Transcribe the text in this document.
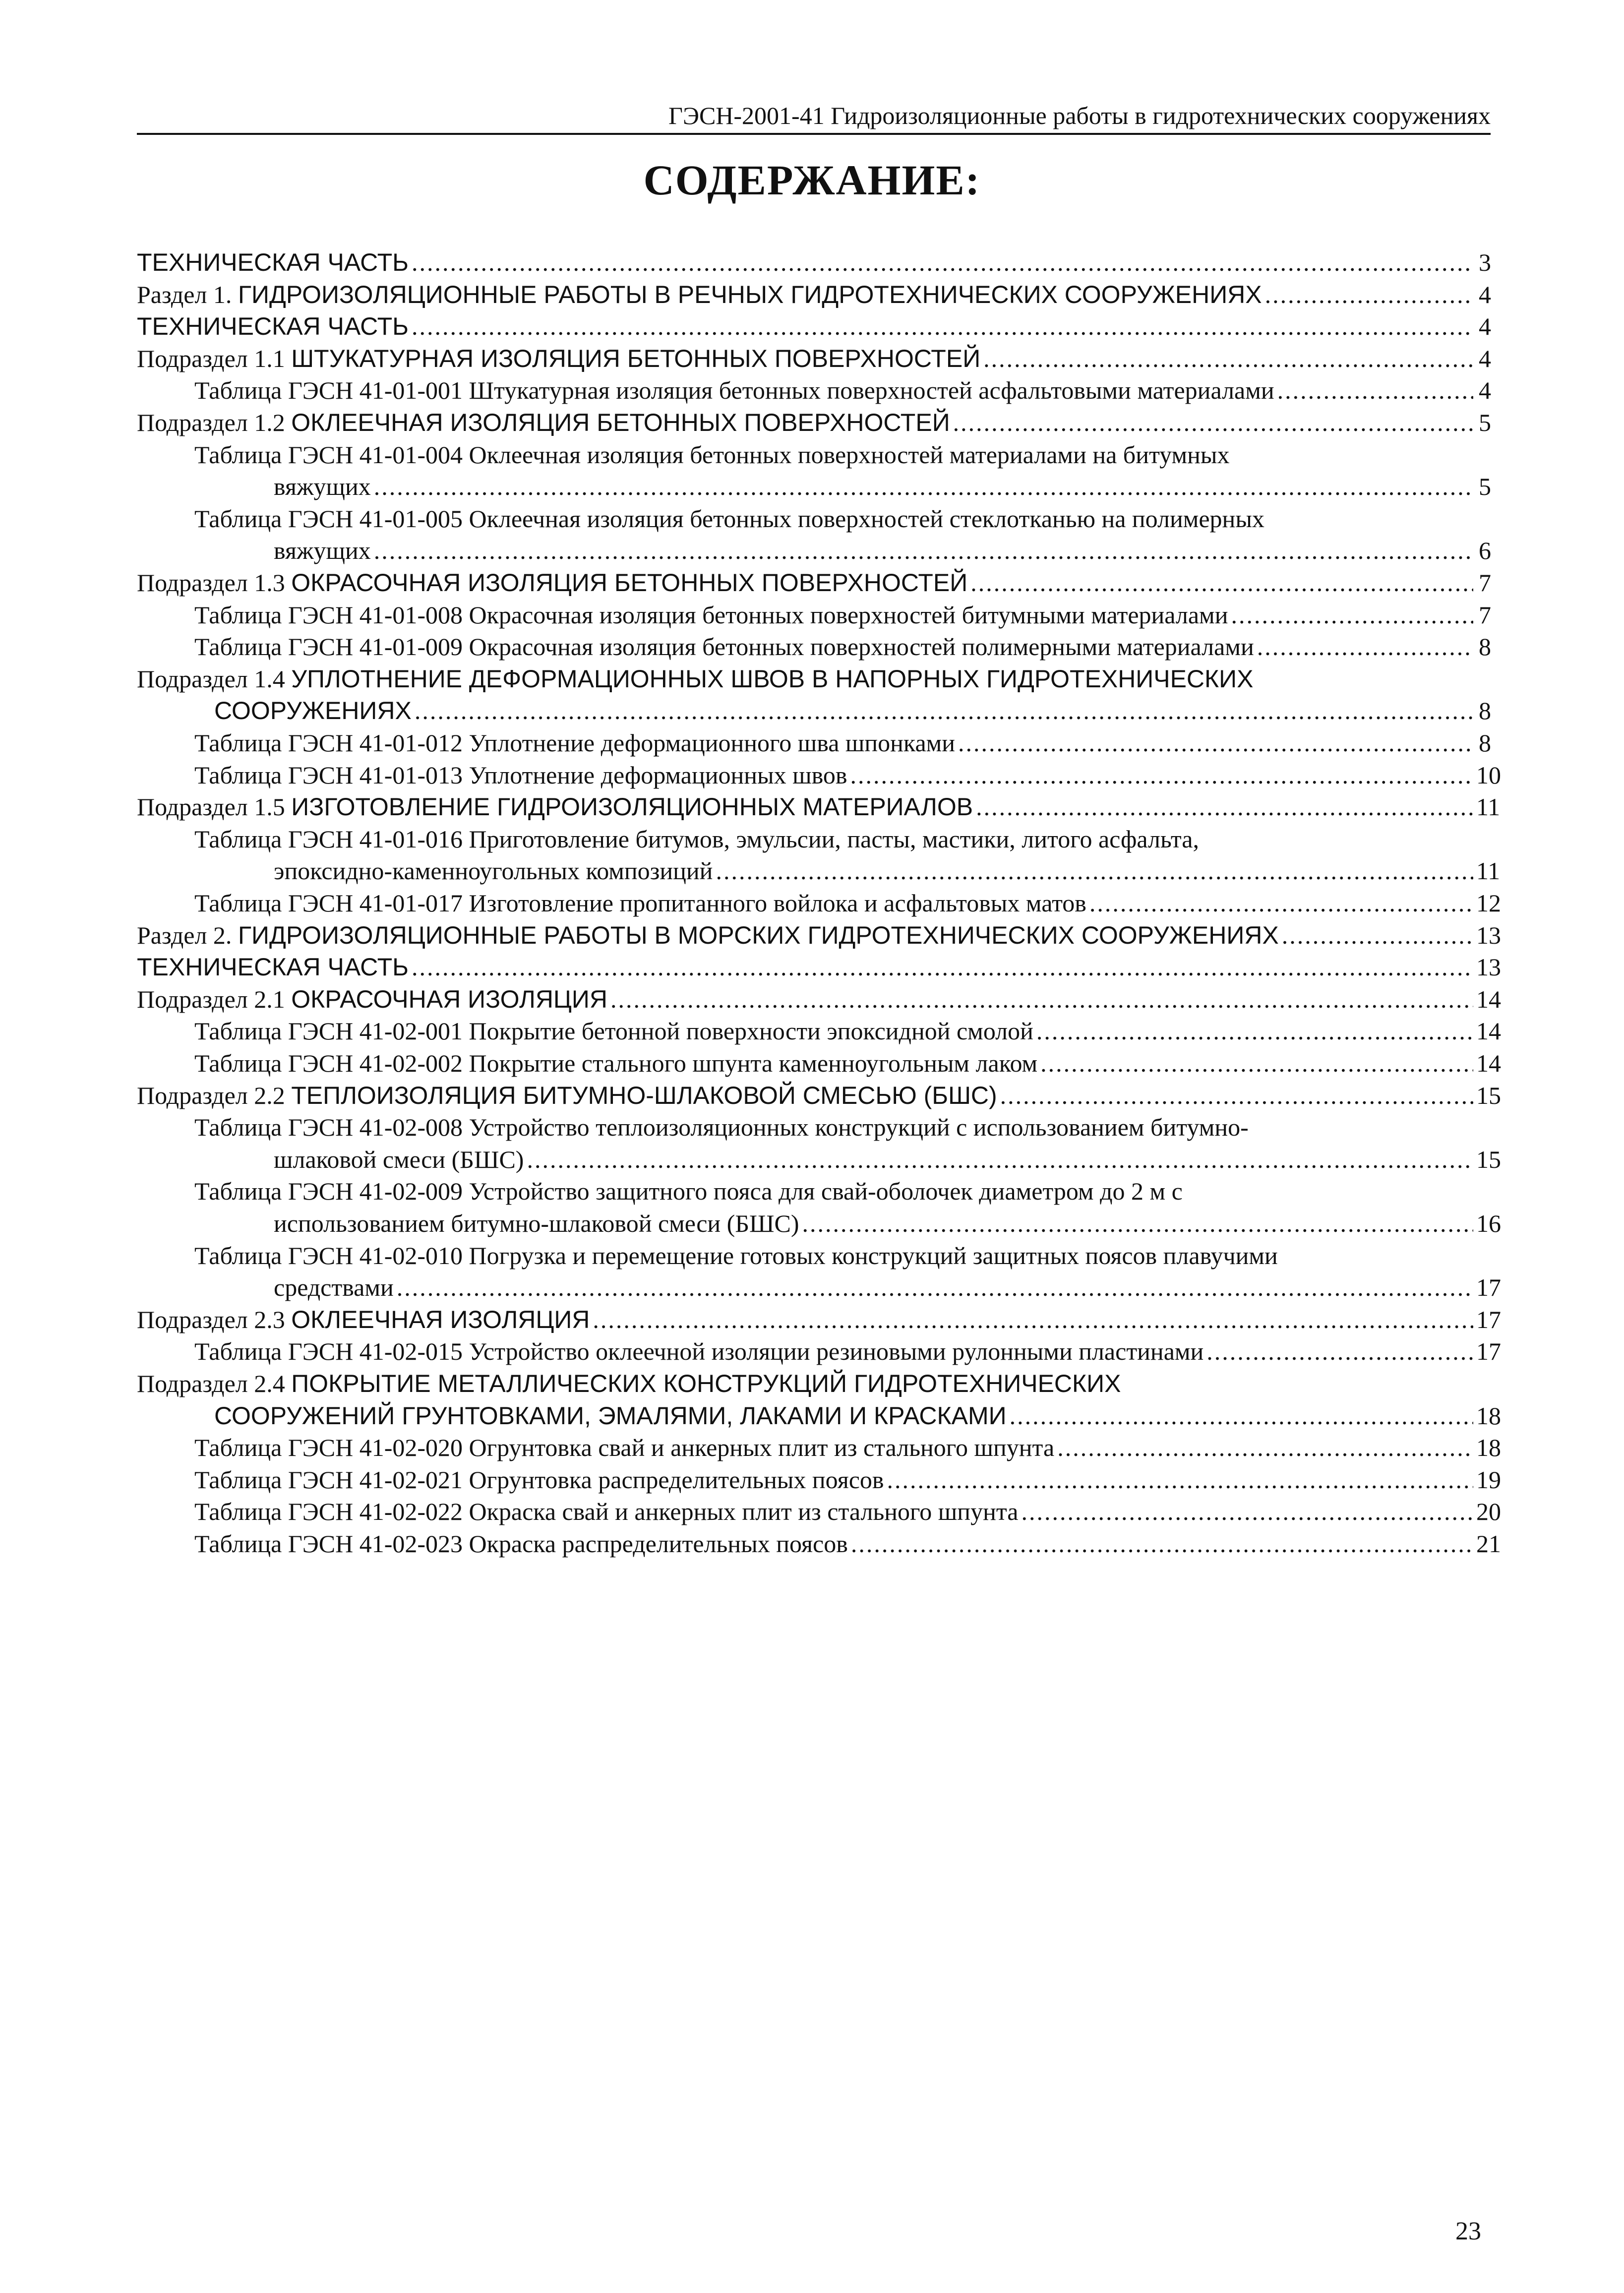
ГЭСН-2001-41 Гидроизоляционные работы в гидротехнических сооружениях
СОДЕРЖАНИЕ:
ТЕХНИЧЕСКАЯ ЧАСТЬ .....	3
Раздел 1. ГИДРОИЗОЛЯЦИОННЫЕ РАБОТЫ В РЕЧНЫХ ГИДРОТЕХНИЧЕСКИХ СООРУЖЕНИЯХ .....	4
ТЕХНИЧЕСКАЯ ЧАСТЬ .....	4
Подраздел 1.1 ШТУКАТУРНАЯ ИЗОЛЯЦИЯ БЕТОННЫХ ПОВЕРХНОСТЕЙ .....	4
Таблица ГЭСН 41-01-001 Штукатурная изоляция бетонных поверхностей асфальтовыми материалами .....	4
Подраздел 1.2 ОКЛЕЕЧНАЯ ИЗОЛЯЦИЯ БЕТОННЫХ ПОВЕРХНОСТЕЙ .....	5
Таблица ГЭСН 41-01-004 Оклеечная изоляция бетонных поверхностей материалами на битумных
вяжущих .....	5
Таблица ГЭСН 41-01-005 Оклеечная изоляция бетонных поверхностей стеклотканью на полимерных
вяжущих .....	6
Подраздел 1.3 ОКРАСОЧНАЯ ИЗОЛЯЦИЯ БЕТОННЫХ ПОВЕРХНОСТЕЙ .....	7
Таблица ГЭСН 41-01-008 Окрасочная изоляция бетонных поверхностей битумными материалами .....	7
Таблица ГЭСН 41-01-009 Окрасочная изоляция бетонных поверхностей полимерными материалами .....	8
Подраздел 1.4 УПЛОТНЕНИЕ ДЕФОРМАЦИОННЫХ ШВОВ В НАПОРНЫХ ГИДРОТЕХНИЧЕСКИХ
СООРУЖЕНИЯХ .....	8
Таблица ГЭСН 41-01-012 Уплотнение деформационного шва шпонками .....	8
Таблица ГЭСН 41-01-013 Уплотнение деформационных швов .....	10
Подраздел 1.5 ИЗГОТОВЛЕНИЕ ГИДРОИЗОЛЯЦИОННЫХ МАТЕРИАЛОВ .....	11
Таблица ГЭСН 41-01-016 Приготовление битумов, эмульсии, пасты, мастики, литого асфальта,
эпоксидно-каменноугольных композиций .....	11
Таблица ГЭСН 41-01-017 Изготовление пропитанного войлока и асфальтовых матов .....	12
Раздел 2. ГИДРОИЗОЛЯЦИОННЫЕ РАБОТЫ В МОРСКИХ ГИДРОТЕХНИЧЕСКИХ СООРУЖЕНИЯХ .....	13
ТЕХНИЧЕСКАЯ ЧАСТЬ .....	13
Подраздел 2.1 ОКРАСОЧНАЯ ИЗОЛЯЦИЯ .....	14
Таблица ГЭСН 41-02-001 Покрытие бетонной поверхности эпоксидной смолой .....	14
Таблица ГЭСН 41-02-002 Покрытие стального шпунта каменноугольным лаком .....	14
Подраздел 2.2 ТЕПЛОИЗОЛЯЦИЯ БИТУМНО-ШЛАКОВОЙ СМЕСЬЮ (БШС) .....	15
Таблица ГЭСН 41-02-008 Устройство теплоизоляционных конструкций с использованием битумно-
шлаковой смеси (БШС) .....	15
Таблица ГЭСН 41-02-009 Устройство защитного пояса для свай-оболочек диаметром до 2 м с
использованием битумно-шлаковой смеси (БШС) .....	16
Таблица ГЭСН 41-02-010 Погрузка и перемещение готовых конструкций защитных поясов плавучими
средствами .....	17
Подраздел 2.3 ОКЛЕЕЧНАЯ ИЗОЛЯЦИЯ .....	17
Таблица ГЭСН 41-02-015 Устройство оклеечной изоляции резиновыми рулонными пластинами .....	17
Подраздел 2.4 ПОКРЫТИЕ МЕТАЛЛИЧЕСКИХ КОНСТРУКЦИЙ ГИДРОТЕХНИЧЕСКИХ
СООРУЖЕНИЙ ГРУНТОВКАМИ, ЭМАЛЯМИ, ЛАКАМИ И КРАСКАМИ .....	18
Таблица ГЭСН 41-02-020 Огрунтовка свай и анкерных плит из стального шпунта .....	18
Таблица ГЭСН 41-02-021 Огрунтовка распределительных поясов .....	19
Таблица ГЭСН 41-02-022 Окраска свай и анкерных плит из стального шпунта .....	20
Таблица ГЭСН 41-02-023 Окраска распределительных поясов .....	21
23
